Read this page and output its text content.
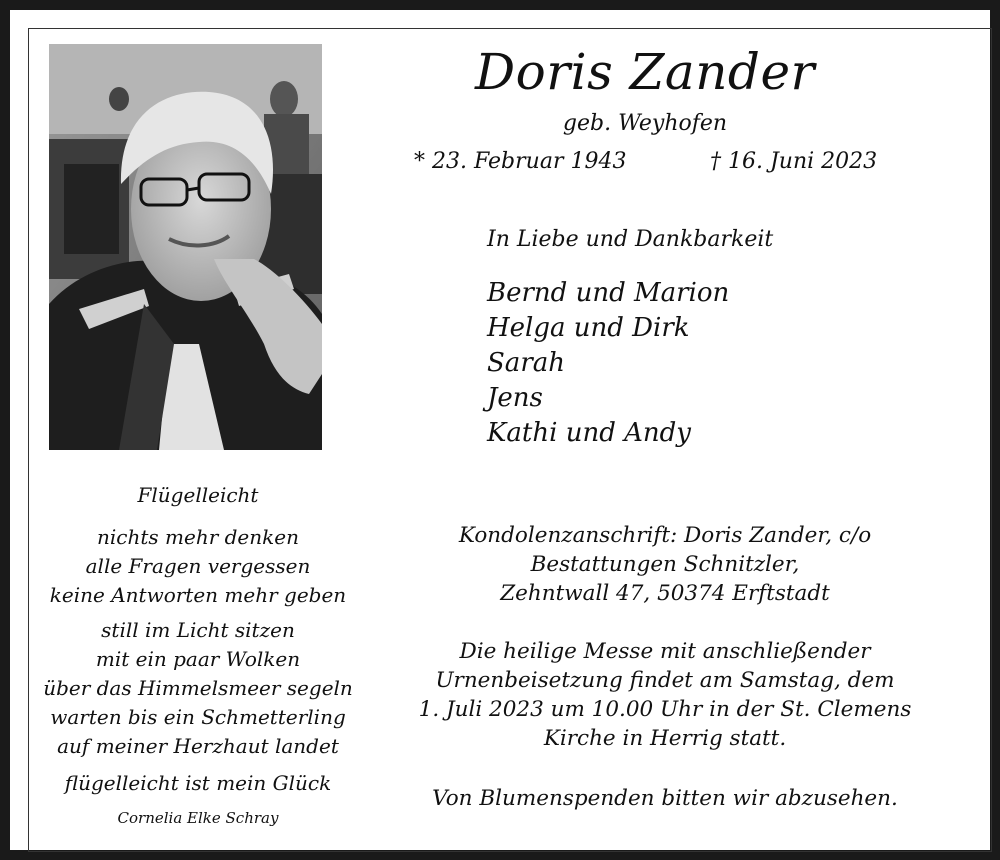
Doris Zander
geb. Weyhofen
* 23. Februar 1943	† 16. Juni 2023
In Liebe und Dankbarkeit
Bernd und Marion
Helga und Dirk
Sarah
Jens
Kathi und Andy
Flügelleicht
nichts mehr denken
alle Fragen vergessen
keine Antworten mehr geben
still im Licht sitzen
mit ein paar Wolken
über das Himmelsmeer segeln
warten bis ein Schmetterling
auf meiner Herzhaut landet
flügelleicht ist mein Glück
Cornelia Elke Schray
Kondolenzanschrift: Doris Zander, c/o
Bestattungen Schnitzler,
Zehntwall 47, 50374 Erftstadt
Die heilige Messe mit anschließender
Urnenbeisetzung findet am Samstag, dem
1. Juli 2023 um 10.00 Uhr in der St. Clemens
Kirche in Herrig statt.
Von Blumenspenden bitten wir abzusehen.
